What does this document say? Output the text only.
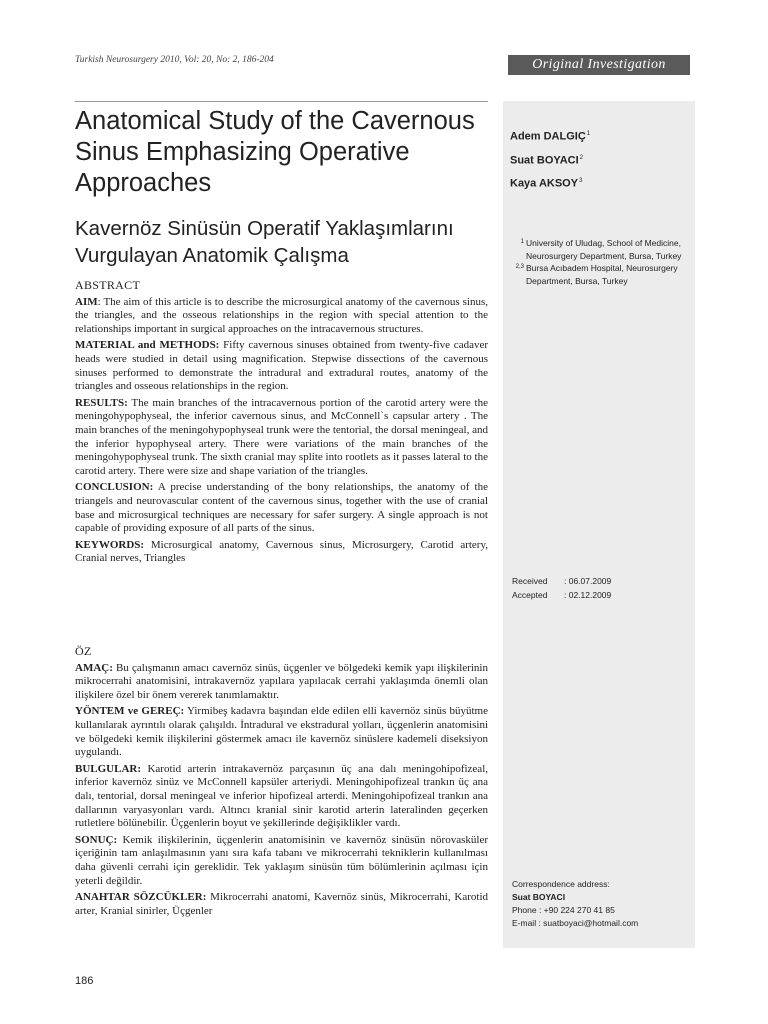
Turkish Neurosurgery 2010, Vol: 20, No: 2, 186-204	Original Investigation
Anatomical Study of the Cavernous Sinus Emphasizing Operative Approaches
Kavernöz Sinüsün Operatif Yaklaşımlarını Vurgulayan Anatomik Çalışma
Adem DALGIÇ$^1$
Suat BOYACI$^2$
Kaya AKSOY$^3$
1 University of Uludag, School of Medicine, Neurosurgery Department, Bursa, Turkey
2,3 Bursa Acıbadem Hospital, Neurosurgery Department, Bursa, Turkey
Received	: 06.07.2009
Accepted	: 02.12.2009
Correspondence address:
Suat BOYACI
Phone : +90 224 270 41 85
E-mail : suatboyaci@hotmail.com
ABSTRACT

AIM: The aim of this article is to describe the microsurgical anatomy of the cavernous sinus, the triangles, and the osseous relationships in the region with special attention to the relationships important in surgical approaches on the intracavernous structures.

MATERIAL and METHODS: Fifty cavernous sinuses obtained from twenty-five cadaver heads were studied in detail using magnification. Stepwise dissections of the cavernous sinuses performed to demonstrate the intradural and extradural routes, anatomy of the triangles and osseous relationships in the region.

RESULTS: The main branches of the intracavernous portion of the carotid artery were the meningohypophyseal, the inferior cavernous sinus, and McConnell`s capsular artery . The main branches of the meningohypophyseal trunk were the tentorial, the dorsal meningeal, and the inferior hypophyseal artery. There were variations of the main branches of the meningohypophyseal trunk. The sixth cranial may splite into rootlets as it passes lateral to the carotid artery. There were size and shape variation of the triangles.

CONCLUSION: A precise understanding of the bony relationships, the anatomy of the triangels and neurovascular content of the cavernous sinus, together with the use of cranial base and microsurgical techniques are necessary for safer surgery. A single approach is not capable of providing exposure of all parts of the sinus.

KEYWORDS: Microsurgical anatomy, Cavernous sinus, Microsurgery, Carotid artery, Cranial nerves, Triangles

ÖZ

AMAÇ: Bu çalışmanın amacı cavernöz sinüs, üçgenler ve bölgedeki kemik yapı ilişkilerinin mikrocerrahi anatomisini, intrakavernöz yapılara yapılacak cerrahi yaklaşımda önemli olan ilişkilere özel bir önem vererek tanımlamaktır.

YÖNTEM ve GEREÇ: Yirmibeş kadavra başından elde edilen elli kavernöz sinüs büyütme kullanılarak ayrıntılı olarak çalışıldı. İntradural ve ekstradural yolları, üçgenlerin anatomisini ve bölgedeki kemik ilişkilerini göstermek amacı ile kavernöz sinüslere kademeli diseksiyon uygulandı.

BULGULAR: Karotid arterin intrakavernöz parçasının üç ana dalı meningohipofizeal, inferior kavernöz sinüz ve McConnell kapsüler arteriydi. Meningohipofizeal trankın üç ana dalı, tentorial, dorsal meningeal ve inferior hipofizeal arterdi. Meningohipofizeal trankın ana dallarının varyasyonları vardı. Altıncı kranial sinir karotid arterin lateralinden geçerken rutletlere bölünebilir. Üçgenlerin boyut ve şekillerinde değişiklikler vardı.

SONUÇ: Kemik ilişkilerinin, üçgenlerin anatomisinin ve kavernöz sinüsün nörovasküler içeriğinin tam anlaşılmasının yanı sıra kafa tabanı ve mikrocerrahi tekniklerin kullanılması daha güvenli cerrahi için gereklidir. Tek yaklaşım sinüsün tüm bölümlerinin açılması için yeterli değildir.

ANAHTAR SÖZCÜKLER: Mikrocerrahi anatomi, Kavernöz sinüs, Mikrocerrahi, Karotid arter, Kranial sinirler, Üçgenler

186
